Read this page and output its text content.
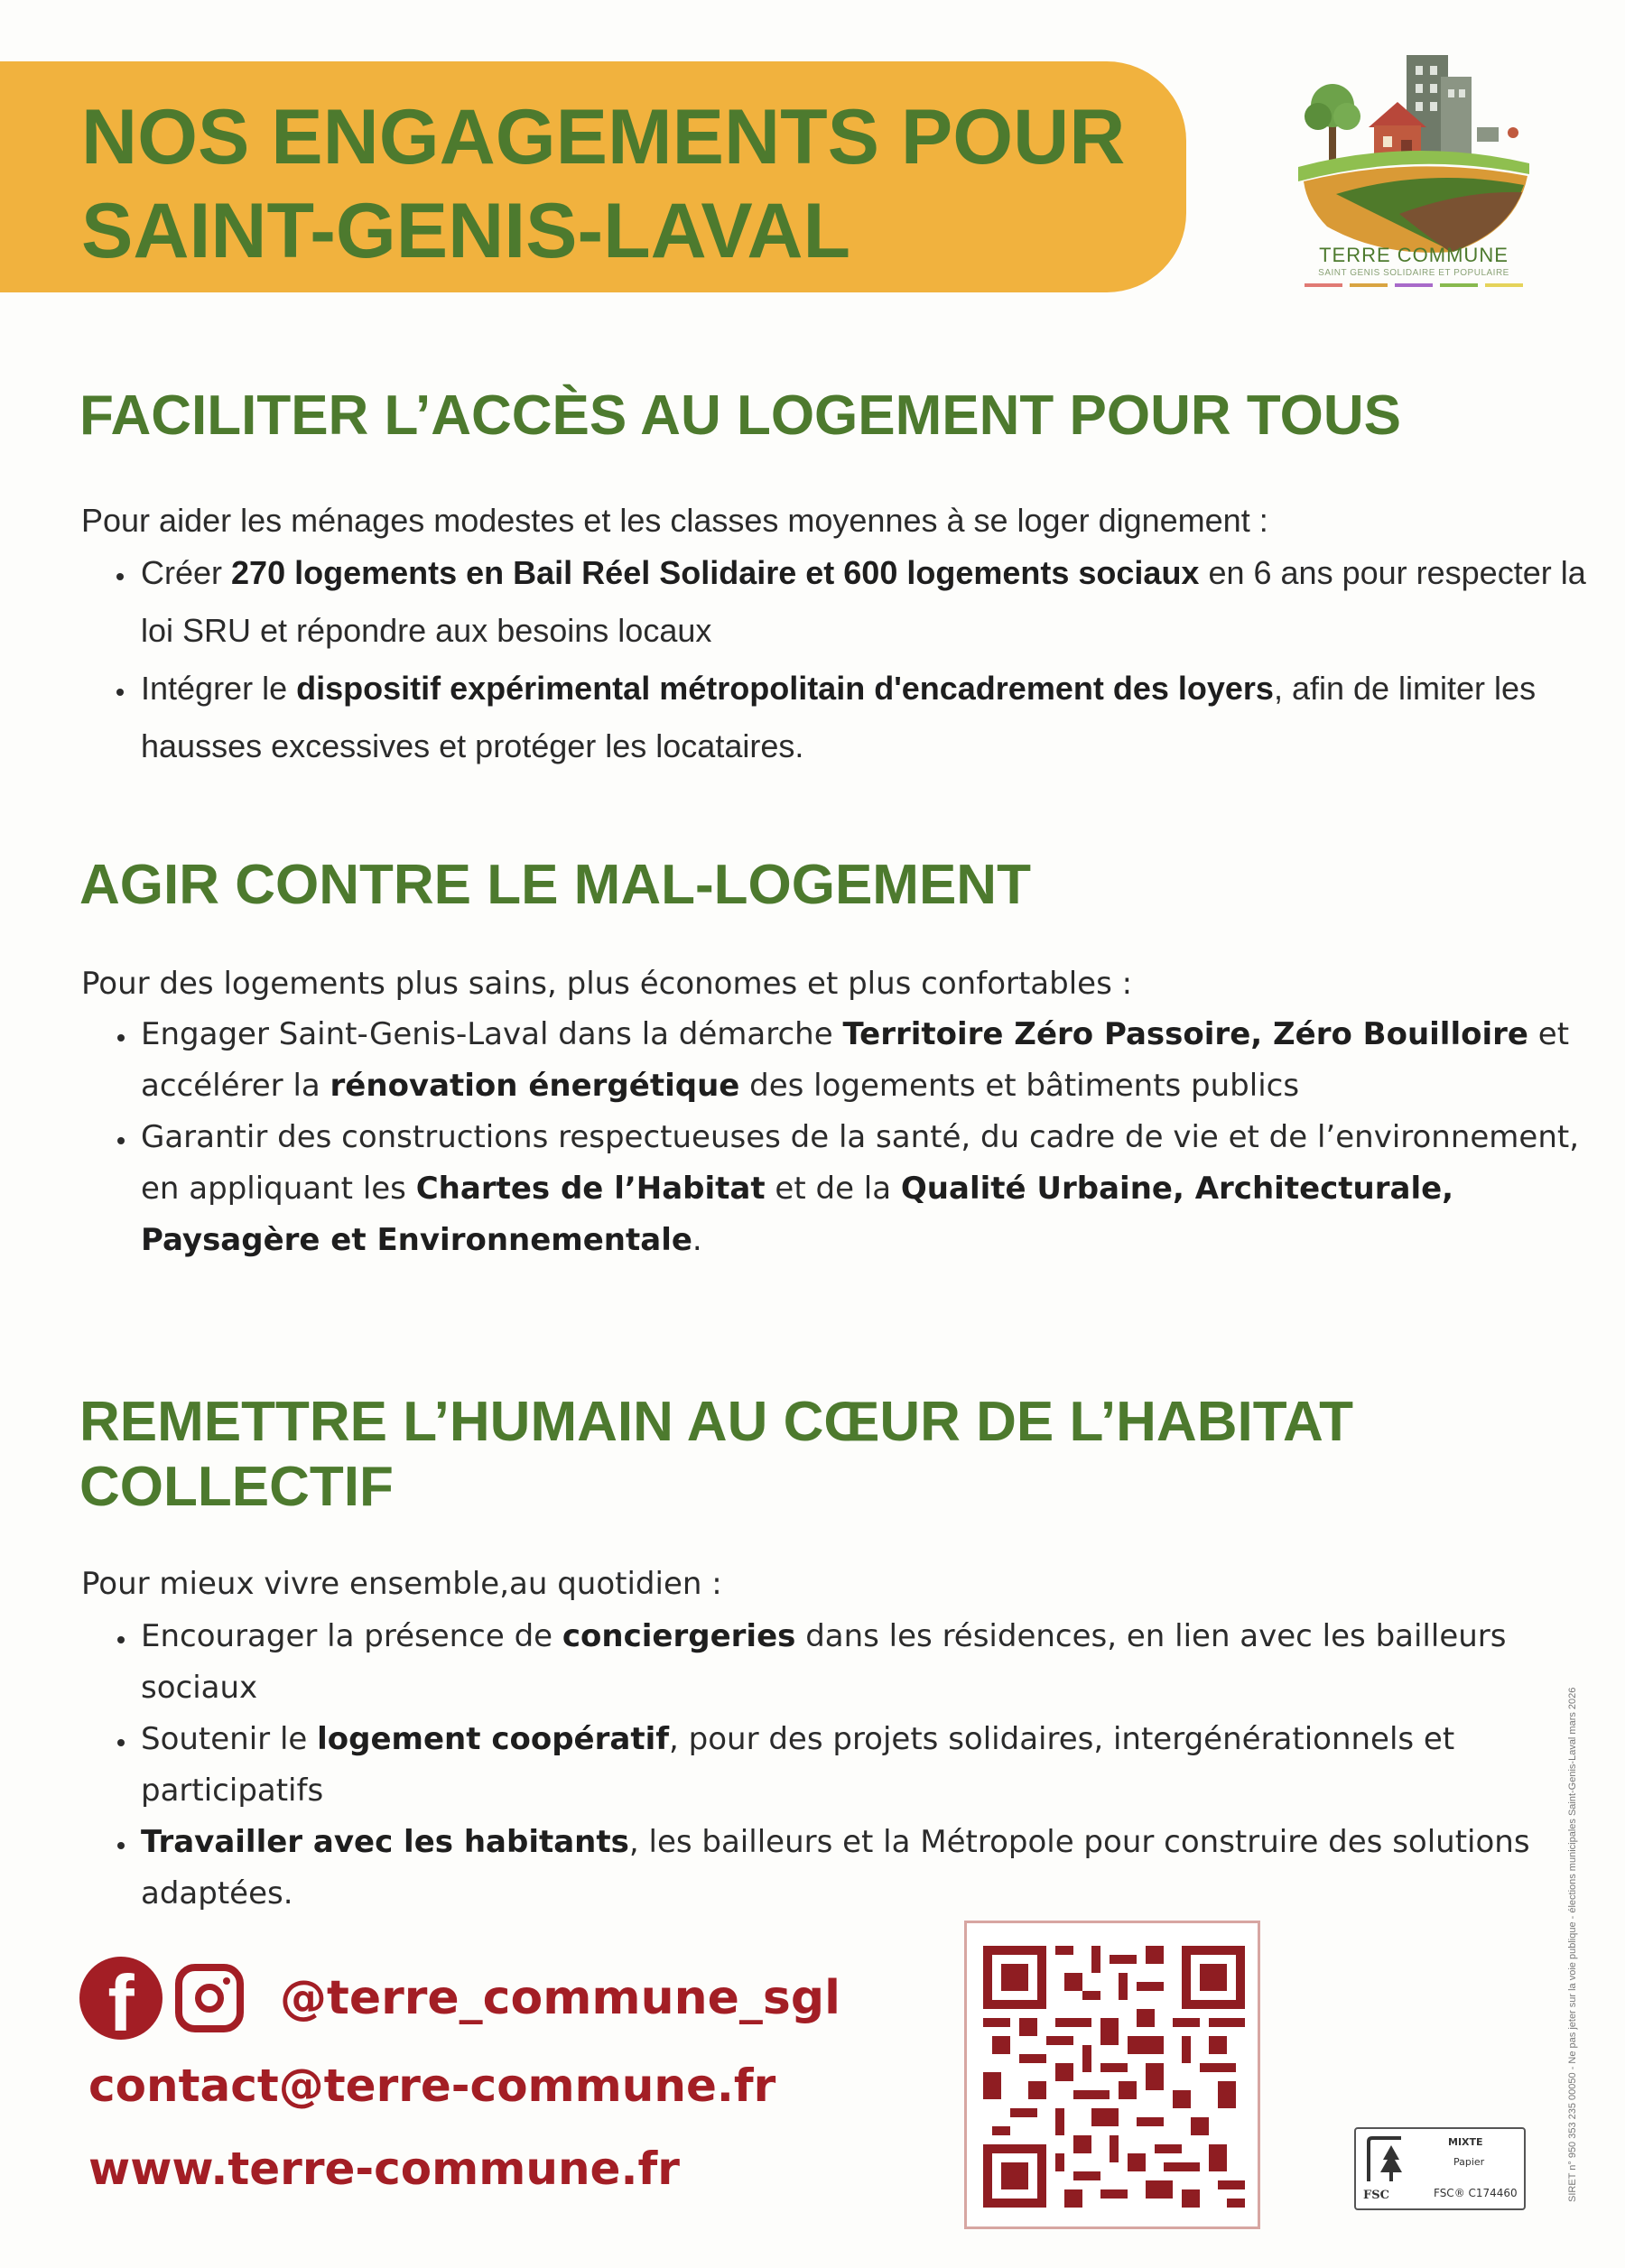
NOS ENGAGEMENTS POUR
SAINT-GENIS-LAVAL	TERRE COMMUNE
SAINT GENIS SOLIDAIRE ET POPULAIRE
FACILITER L’ACCÈS AU LOGEMENT POUR TOUS

Pour aider les ménages modestes et les classes moyennes à se loger dignement :

• Créer 270 logements en Bail Réel Solidaire et 600 logements sociaux en 6 ans pour respecter la loi SRU et répondre aux besoins locaux
• Intégrer le dispositif expérimental métropolitain d'encadrement des loyers, afin de limiter les hausses excessives et protéger les locataires.
AGIR CONTRE LE MAL-LOGEMENT

Pour des logements plus sains, plus économes et plus confortables :

• Engager Saint-Genis-Laval dans la démarche Territoire Zéro Passoire, Zéro Bouilloire et accélérer la rénovation énergétique des logements et bâtiments publics
• Garantir des constructions respectueuses de la santé, du cadre de vie et de l’environnement, en appliquant les Chartes de l’Habitat et de la Qualité Urbaine, Architecturale, Paysagère et Environnementale.
REMETTRE L’HUMAIN AU CŒUR DE L’HABITAT
COLLECTIF

Pour mieux vivre ensemble,au quotidien :

• Encourager la présence de conciergeries dans les résidences, en lien avec les bailleurs sociaux
• Soutenir le logement coopératif, pour des projets solidaires, intergénérationnels et participatifs
• Travailler avec les habitants, les bailleurs et la Métropole pour construire des solutions adaptées.
f	@terre_commune_sgl

contact@terre-commune.fr

www.terre-commune.fr

FSC
MIXTE
Papier
FSC® C174460	SIRET n° 950 353 235 00050 - Ne pas jeter sur la voie publique - élections municipales Saint-Genis-Laval mars 2026
